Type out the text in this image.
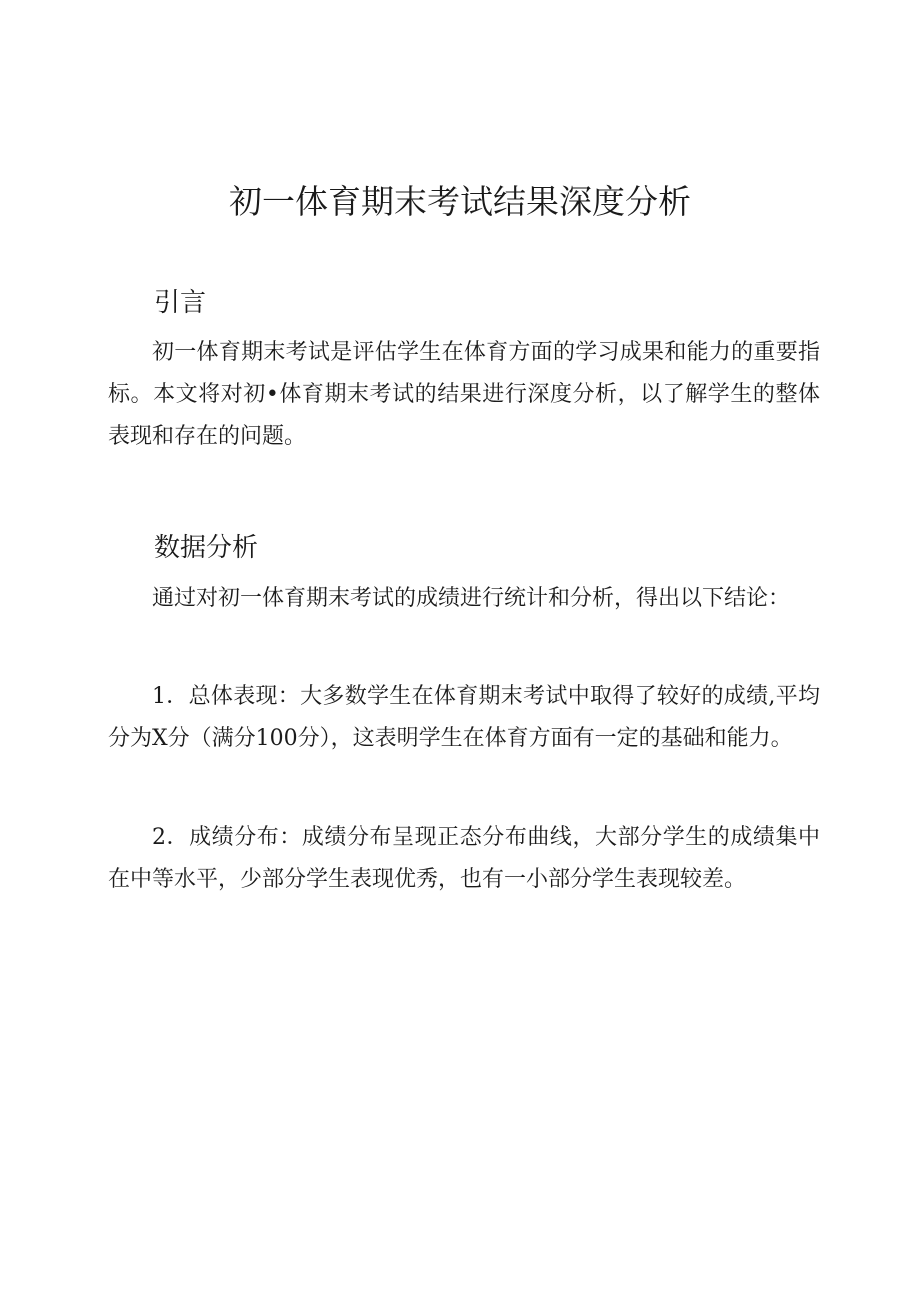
初一体育期末考试结果深度分析
引言

初一体育期末考试是评估学生在体育方面的学习成果和能力的重要指标。本文将对初•体育期末考试的结果进行深度分析，以了解学生的整体表现和存在的问题。

数据分析

通过对初一体育期末考试的成绩进行统计和分析，得出以下结论：

1．总体表现：大多数学生在体育期末考试中取得了较好的成绩,平均分为X分（满分100分），这表明学生在体育方面有一定的基础和能力。

2．成绩分布：成绩分布呈现正态分布曲线，大部分学生的成绩集中在中等水平，少部分学生表现优秀，也有一小部分学生表现较差。
